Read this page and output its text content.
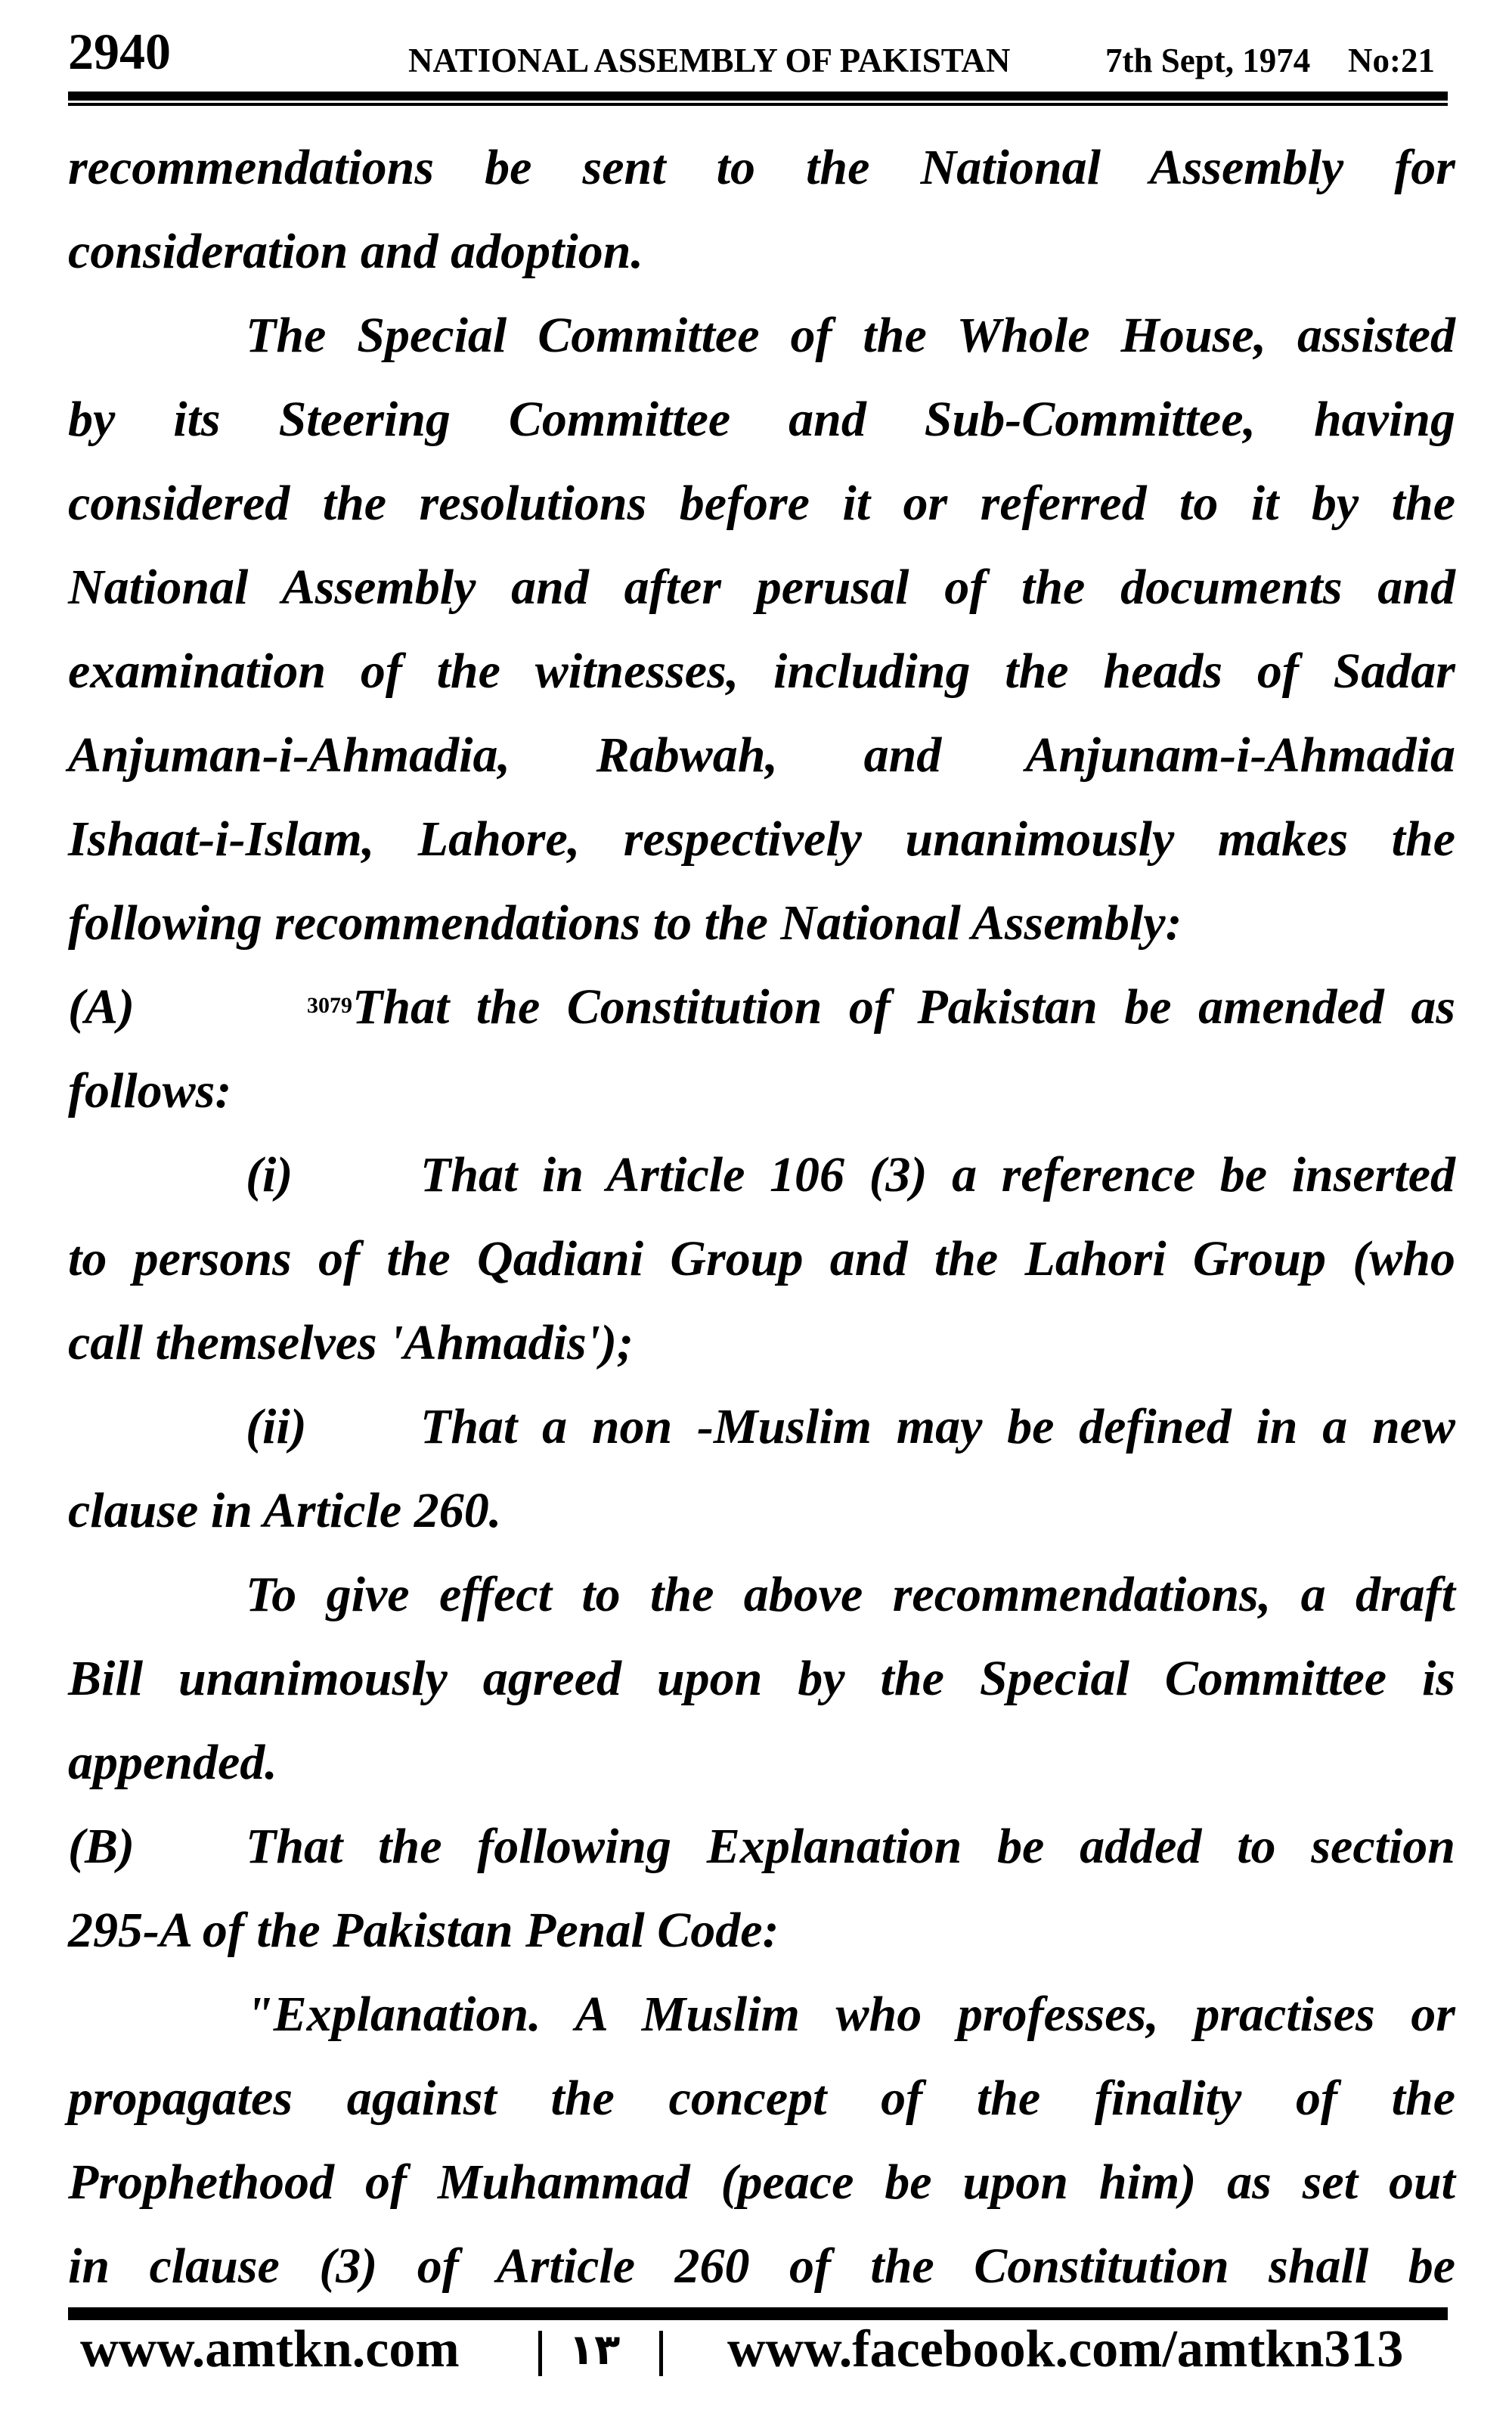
2940	NATIONAL ASSEMBLY OF PAKISTAN	7th Sept, 1974 No:21
recommendations be sent to the National Assembly for
consideration and adoption.
The Special Committee of the Whole House, assisted
by its Steering Committee and Sub-Committee, having
considered the resolutions before it or referred to it by the
National Assembly and after perusal of the documents and
examination of the witnesses, including the heads of Sadar
Anjuman-i-Ahmadia, Rabwah, and Anjunam-i-Ahmadia
Ishaat-i-Islam, Lahore, respectively unanimously makes the
following recommendations to the National Assembly:
(A)	$^{3079}$That the Constitution of Pakistan be amended as
follows:
(i)	That in Article 106 (3) a reference be inserted
to persons of the Qadiani Group and the Lahori Group (who
call themselves 'Ahmadis');
(ii) That a non -Muslim may be defined in a new
clause in Article 260.
To give effect to the above recommendations, a draft
Bill unanimously agreed upon by the Special Committee is
appended.
(B) That the following Explanation be added to section
295-A of the Pakistan Penal Code:
"Explanation. A Muslim who professes, practises or
propagates against the concept of the finality of the
Prophethood of Muhammad (peace be upon him) as set out
in clause (3) of Article 260 of the Constitution shall be
www.amtkn.com	١٣ www.facebook.com/amtkn313
